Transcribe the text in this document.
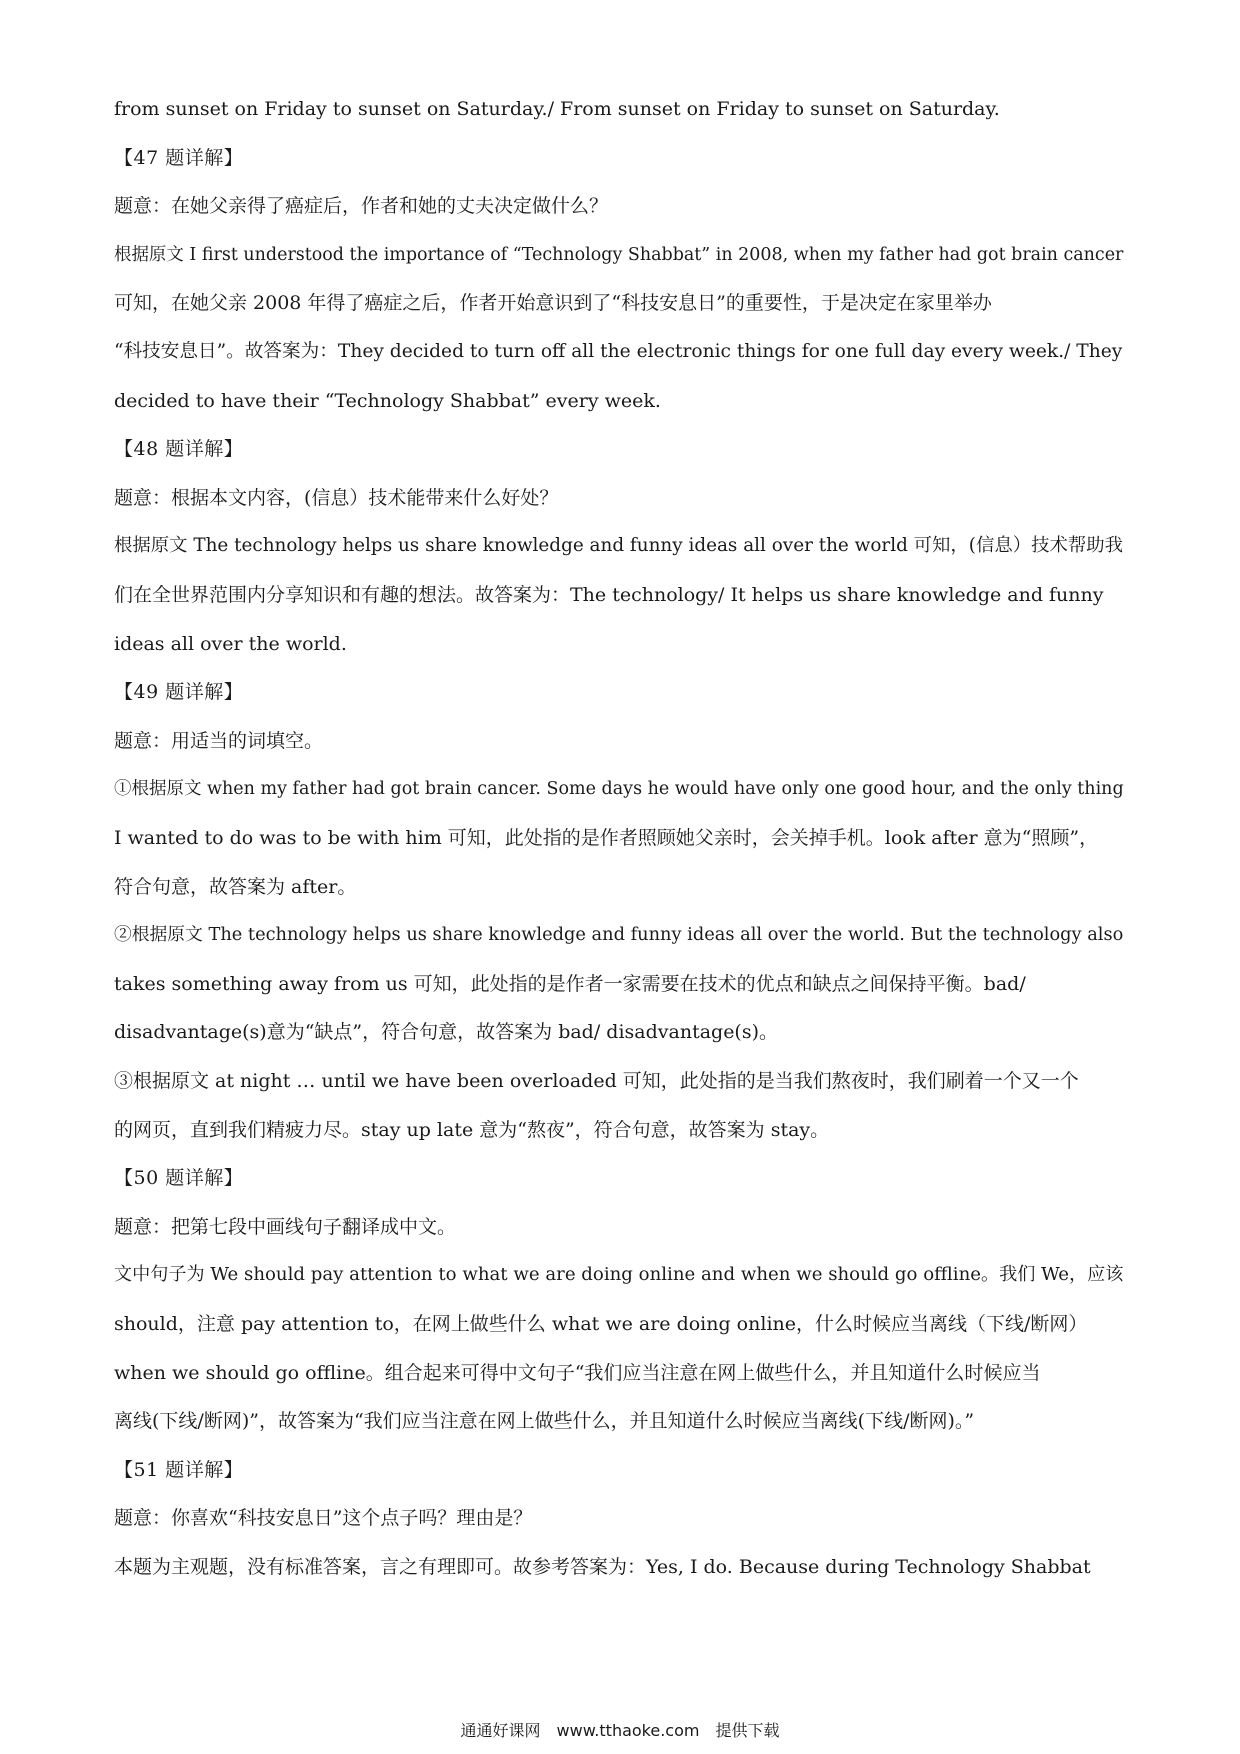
from sunset on Friday to sunset on Saturday./ From sunset on Friday to sunset on Saturday.
【47 题详解】
题意：在她父亲得了癌症后，作者和她的丈夫决定做什么？
根据原文 I first understood the importance of “Technology Shabbat” in 2008, when my father had got brain cancer
可知，在她父亲 2008 年得了癌症之后，作者开始意识到了“科技安息日”的重要性，于是决定在家里举办
“科技安息日”。故答案为：They decided to turn off all the electronic things for one full day every week./ They
decided to have their “Technology Shabbat” every week.
【48 题详解】
题意：根据本文内容，(信息）技术能带来什么好处？
根据原文 The technology helps us share knowledge and funny ideas all over the world 可知，(信息）技术帮助我
们在全世界范围内分享知识和有趣的想法。故答案为：The technology/ It helps us share knowledge and funny
ideas all over the world.
【49 题详解】
题意：用适当的词填空。
①根据原文 when my father had got brain cancer. Some days he would have only one good hour, and the only thing
I wanted to do was to be with him 可知，此处指的是作者照顾她父亲时，会关掉手机。look after 意为“照顾”，
符合句意，故答案为 after。
②根据原文 The technology helps us share knowledge and funny ideas all over the world. But the technology also
takes something away from us 可知，此处指的是作者一家需要在技术的优点和缺点之间保持平衡。bad/
disadvantage(s)意为“缺点”，符合句意，故答案为 bad/ disadvantage(s)。
③根据原文 at night … until we have been overloaded 可知，此处指的是当我们熬夜时，我们刷着一个又一个
的网页，直到我们精疲力尽。stay up late 意为“熬夜”，符合句意，故答案为 stay。
【50 题详解】
题意：把第七段中画线句子翻译成中文。
文中句子为 We should pay attention to what we are doing online and when we should go offline。我们 We，应该
should，注意 pay attention to，在网上做些什么 what we are doing online，什么时候应当离线（下线/断网）
when we should go offline。组合起来可得中文句子“我们应当注意在网上做些什么，并且知道什么时候应当
离线(下线/断网)”，故答案为“我们应当注意在网上做些什么，并且知道什么时候应当离线(下线/断网)。”
【51 题详解】
题意：你喜欢“科技安息日”这个点子吗？理由是？
本题为主观题，没有标准答案，言之有理即可。故参考答案为：Yes, I do. Because during Technology Shabbat
通通好课网　www.tthaoke.com　提供下载
